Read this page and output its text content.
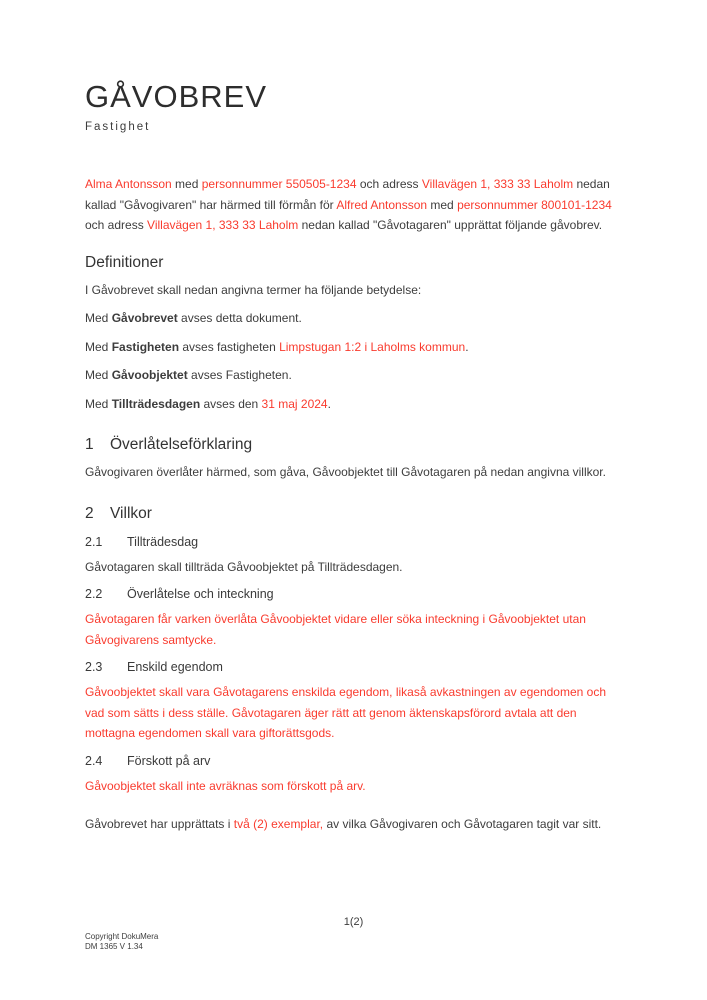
GÅVOBREV
Fastighet

Alma Antonsson med personnummer 550505-1234 och adress Villavägen 1, 333 33 Laholm nedan kallad "Gåvogivaren" har härmed till förmån för Alfred Antonsson med personnummer 800101-1234 och adress Villavägen 1, 333 33 Laholm nedan kallad "Gåvotagaren" upprättat följande gåvobrev.

Definitioner

I Gåvobrevet skall nedan angivna termer ha följande betydelse:

Med Gåvobrevet avses detta dokument.

Med Fastigheten avses fastigheten Limpstugan 1:2 i Laholms kommun.

Med Gåvoobjektet avses Fastigheten.

Med Tillträdesdagen avses den 31 maj 2024.

1	Överlåtelseförklaring

Gåvogivaren överlåter härmed, som gåva, Gåvoobjektet till Gåvotagaren på nedan angivna villkor.

2	Villkor
2.1	Tillträdesdag

Gåvotagaren skall tillträda Gåvoobjektet på Tillträdesdagen.

2.2	Överlåtelse och inteckning

Gåvotagaren får varken överlåta Gåvoobjektet vidare eller söka inteckning i Gåvoobjektet utan Gåvogivarens samtycke.

2.3	Enskild egendom

Gåvoobjektet skall vara Gåvotagarens enskilda egendom, likaså avkastningen av egendomen och vad som sätts i dess ställe. Gåvotagaren äger rätt att genom äktenskapsförord avtala att den mottagna egendomen skall vara giftorättsgods.

2.4	Förskott på arv

Gåvoobjektet skall inte avräknas som förskott på arv.

Gåvobrevet har upprättats i två (2) exemplar, av vilka Gåvogivaren och Gåvotagaren tagit var sitt.

1(2)
Copyright DokuMera
DM 1365 V 1.34
